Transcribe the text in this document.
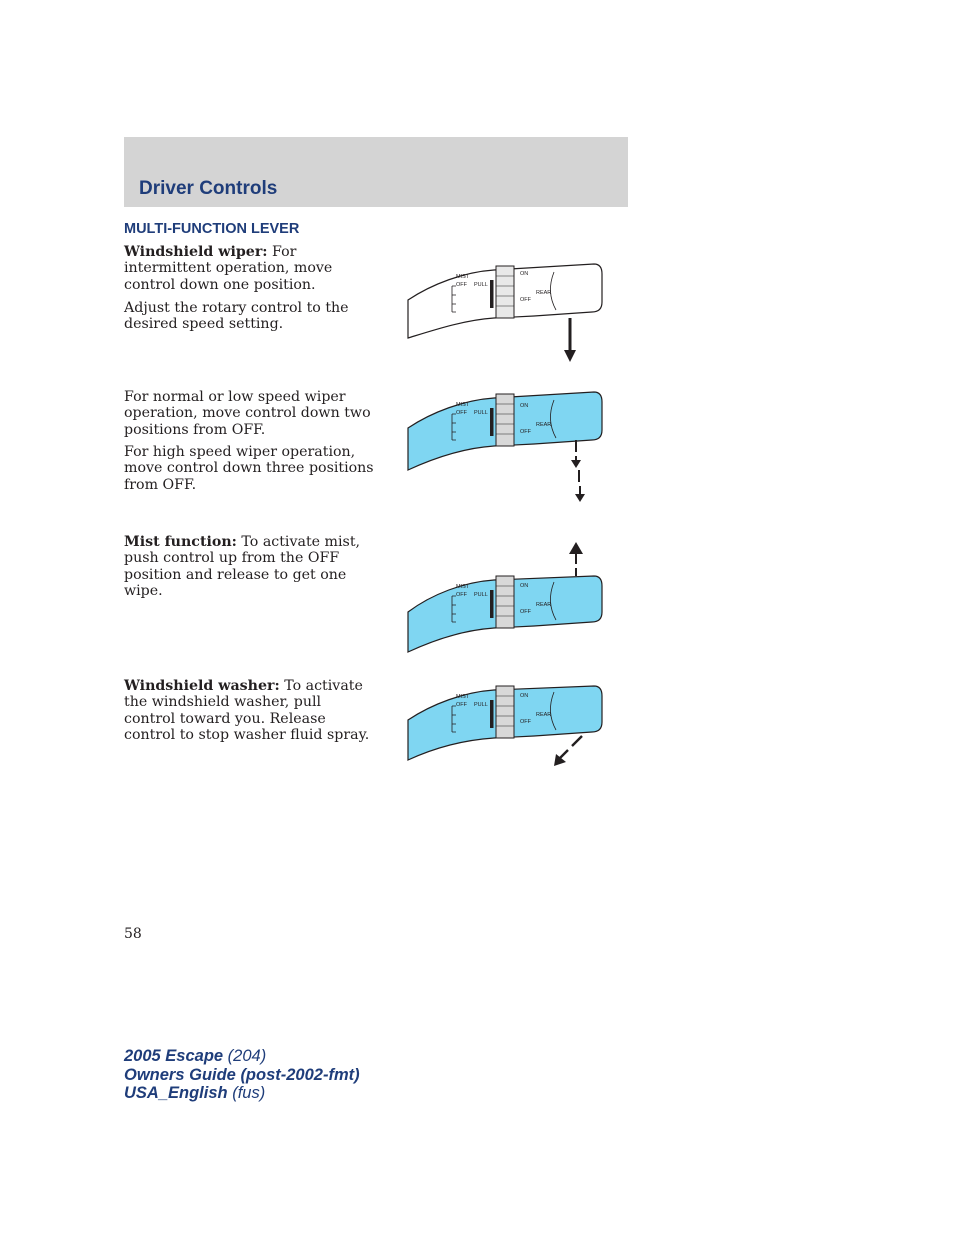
Driver Controls
MULTI-FUNCTION LEVER

Windshield wiper: For intermittent operation, move control down one position.

Adjust the rotary control to the desired speed setting.

For normal or low speed wiper operation, move control down two positions from OFF.

For high speed wiper operation, move control down three positions from OFF.

Mist function: To activate mist, push control up from the OFF position and release to get one wipe.

Windshield washer: To activate the windshield washer, pull control toward you. Release control to stop washer fluid spray.

MIST
OFF PULL
ON
OFF
REAR
MIST
OFF PULL
ON
OFF
REAR
MIST
OFF PULL
ON
OFF
REAR
MIST
OFF PULL
ON
OFF
REAR
58
2005 Escape (204)
Owners Guide (post-2002-fmt)
USA_English (fus)
